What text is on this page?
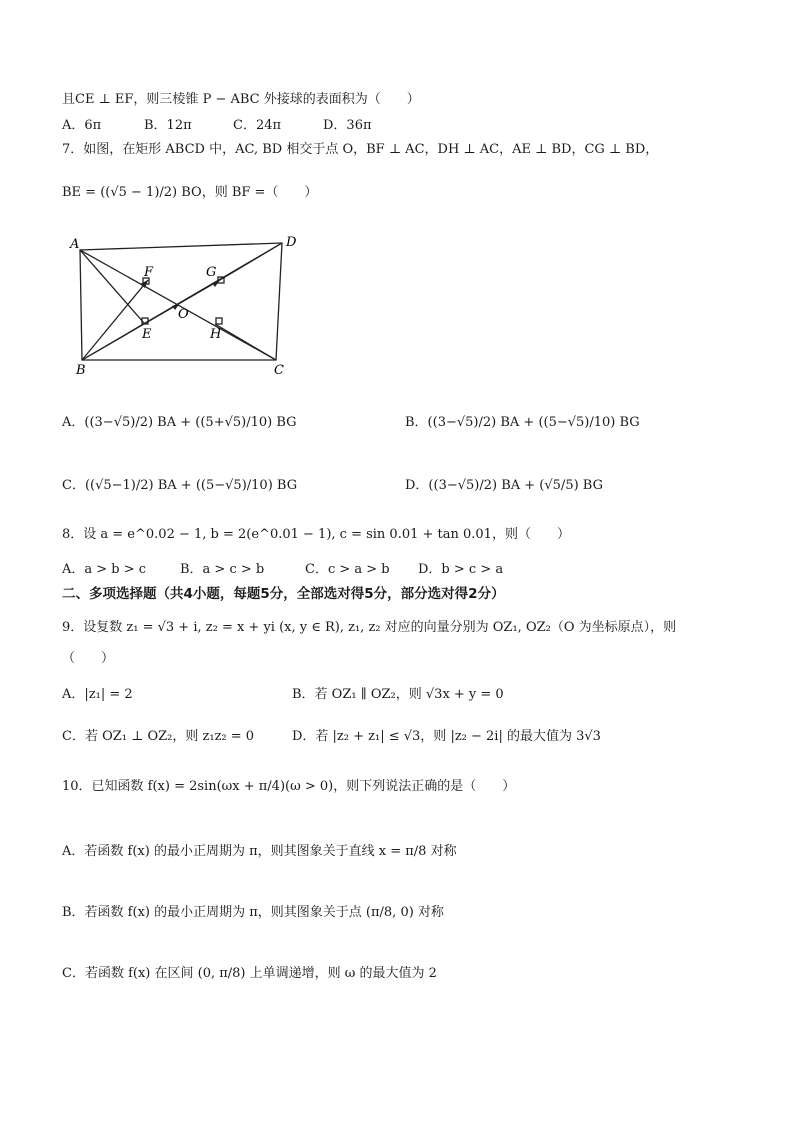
且CE ⊥ EF，则三棱锥 P − ABC 外接球的表面积为（　　）
A．6π	B．12π	C．24π	D．36π
7．如图，在矩形 ABCD 中，AC, BD 相交于点 O，BF ⊥ AC，DH ⊥ AC，AE ⊥ BD，CG ⊥ BD，
BE = ((√5 − 1)/2) BO，则 BF =（　　）
A	D
B	C
F	G
O
E	H
A．((3−√5)/2) BA + ((5+√5)/10) BG	B．((3−√5)/2) BA + ((5−√5)/10) BG
C．((√5−1)/2) BA + ((5−√5)/10) BG	D．((3−√5)/2) BA + (√5/5) BG
8．设 a = e^0.02 − 1, b = 2(e^0.01 − 1), c = sin 0.01 + tan 0.01，则（　　）
A．a > b > c	B．a > c > b	C．c > a > b D．b > c > a
二、多项选择题（共4小题，每题5分，全部选对得5分，部分选对得2分）
9．设复数 z₁ = √3 + i, z₂ = x + yi (x, y ∈ R), z₁, z₂ 对应的向量分别为 OZ₁, OZ₂（O 为坐标原点），则
（　　）
A．|z₁| = 2	B．若 OZ₁ ∥ OZ₂，则 √3x + y = 0
C．若 OZ₁ ⊥ OZ₂，则 z₁z₂ = 0	D．若 |z₂ + z₁| ≤ √3，则 |z₂ − 2i| 的最大值为 3√3
10．已知函数 f(x) = 2sin(ωx + π/4)(ω > 0)，则下列说法正确的是（　　）
A．若函数 f(x) 的最小正周期为 π，则其图象关于直线 x = π/8 对称
B．若函数 f(x) 的最小正周期为 π，则其图象关于点 (π/8, 0) 对称
C．若函数 f(x) 在区间 (0, π/8) 上单调递增，则 ω 的最大值为 2
